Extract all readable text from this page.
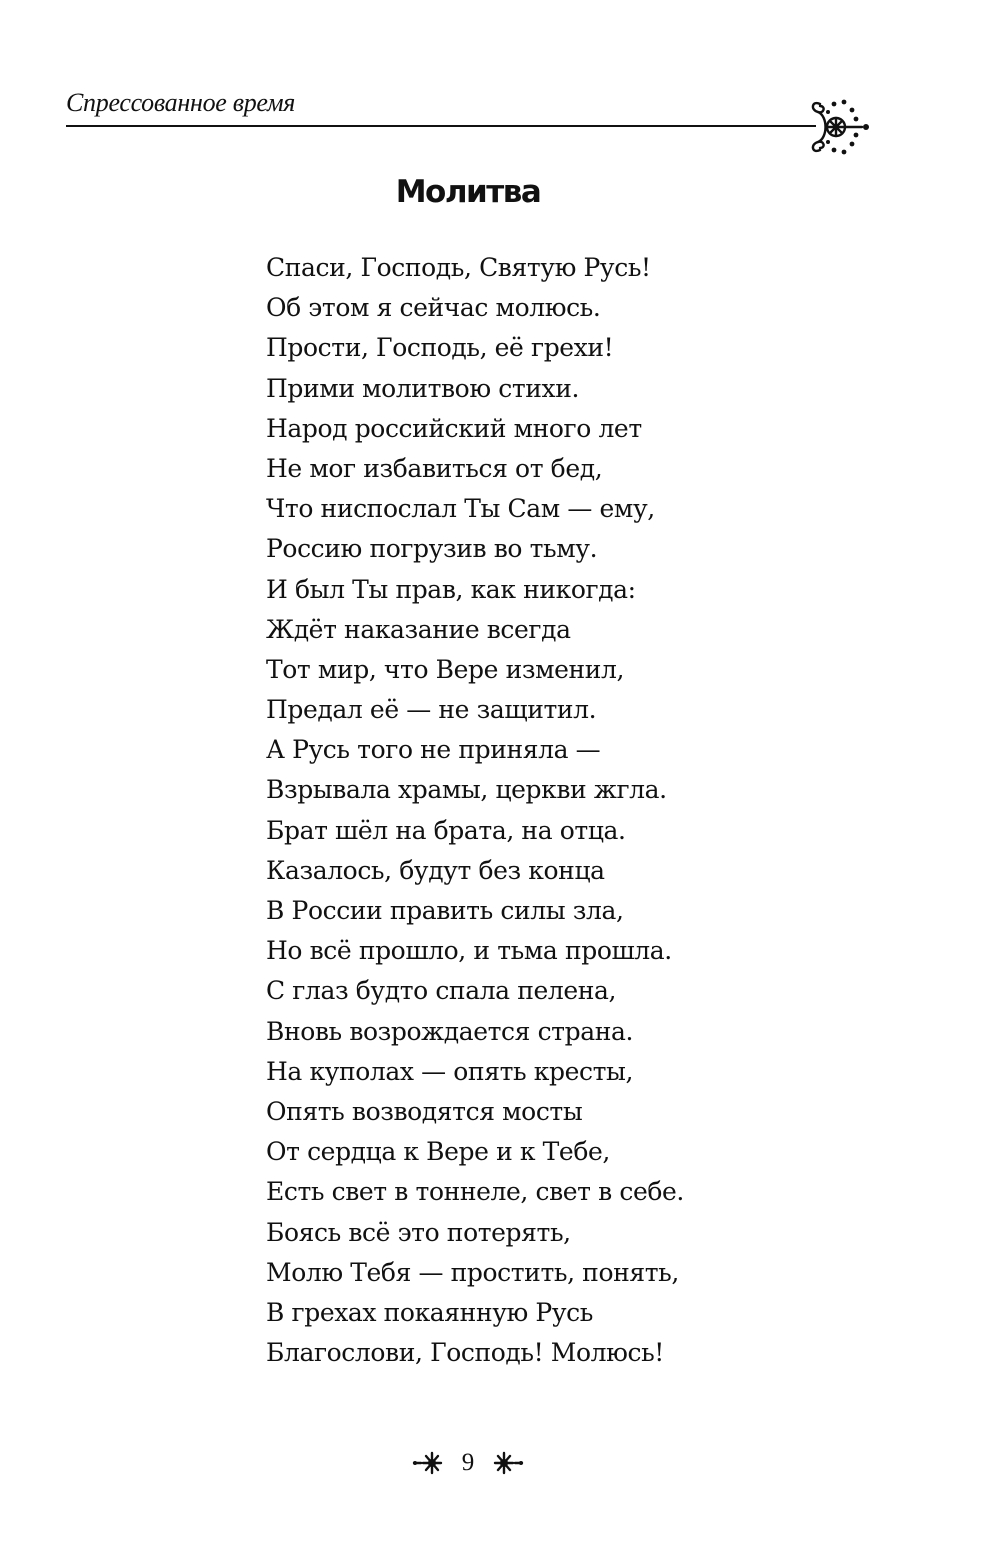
Спрессованное время
Молитва
Спаси, Господь, Святую Русь!
Об этом я сейчас молюсь.
Прости, Господь, её грехи!
Прими молитвою стихи.
Народ российский много лет
Не мог избавиться от бед,
Что ниспослал Ты Сам — ему,
Россию погрузив во тьму.
И был Ты прав, как никогда:
Ждёт наказание всегда
Тот мир, что Вере изменил,
Предал её — не защитил.
А Русь того не приняла —
Взрывала храмы, церкви жгла.
Брат шёл на брата, на отца.
Казалось, будут без конца
В России править силы зла,
Но всё прошло, и тьма прошла.
С глаз будто спала пелена,
Вновь возрождается страна.
На куполах — опять кресты,
Опять возводятся мосты
От сердца к Вере и к Тебе,
Есть свет в тоннеле, свет в себе.
Боясь всё это потерять,
Молю Тебя — простить, понять,
В грехах покаянную Русь
Благослови, Господь! Молюсь!
9
